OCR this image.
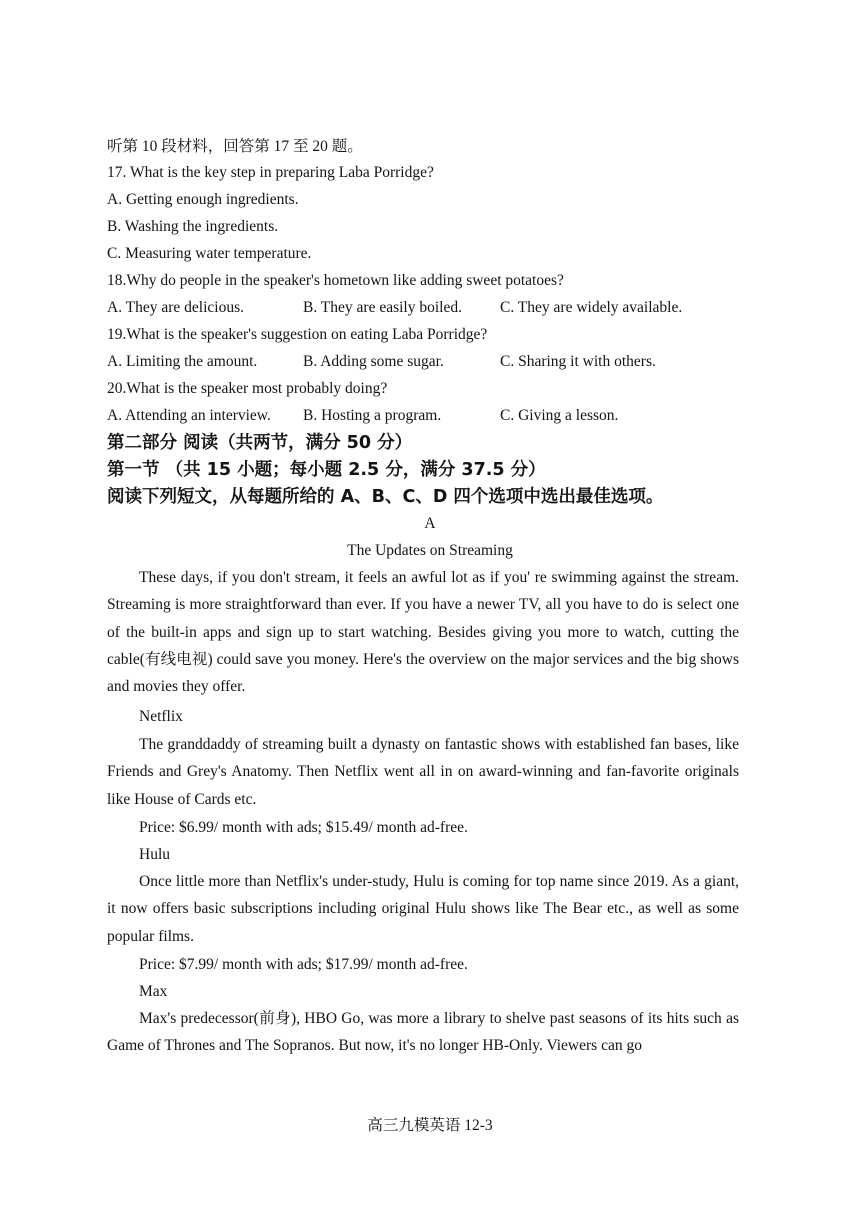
听第 10 段材料，回答第 17 至 20 题。
17. What is the key step in preparing Laba Porridge?
A. Getting enough ingredients.
B. Washing the ingredients.
C. Measuring water temperature.
18.Why do people in the speaker's hometown like adding sweet potatoes?
A. They are delicious.	B. They are easily boiled. C. They are widely available.
19.What is the speaker's suggestion on eating Laba Porridge?
A. Limiting the amount.	B. Adding some sugar.	C. Sharing it with others.
20.What is the speaker most probably doing?
A. Attending an interview. B. Hosting a program.	C. Giving a lesson.
第二部分 阅读（共两节，满分 50 分）
第一节 （共 15 小题；每小题 2.5 分，满分 37.5 分）
阅读下列短文，从每题所给的 A、B、C、D 四个选项中选出最佳选项。
A
The Updates on Streaming
These days, if you don't stream, it feels an awful lot as if you' re swimming against the stream. Streaming is more straightforward than ever. If you have a newer TV, all you have to do is select one of the built-in apps and sign up to start watching. Besides giving you more to watch, cutting the cable(有线电视) could save you money. Here's the overview on the major services and the big shows and movies they offer.
Netflix
The granddaddy of streaming built a dynasty on fantastic shows with established fan bases, like Friends and Grey's Anatomy. Then Netflix went all in on award-winning and fan-favorite originals like House of Cards etc.
Price: $6.99/ month with ads; $15.49/ month ad-free.
Hulu
Once little more than Netflix's under-study, Hulu is coming for top name since 2019. As a giant, it now offers basic subscriptions including original Hulu shows like The Bear etc., as well as some popular films.
Price: $7.99/ month with ads; $17.99/ month ad-free.
Max
Max's predecessor(前身), HBO Go, was more a library to shelve past seasons of its hits such as Game of Thrones and The Sopranos. But now, it's no longer HB-Only. Viewers can go
高三九模英语 12-3
